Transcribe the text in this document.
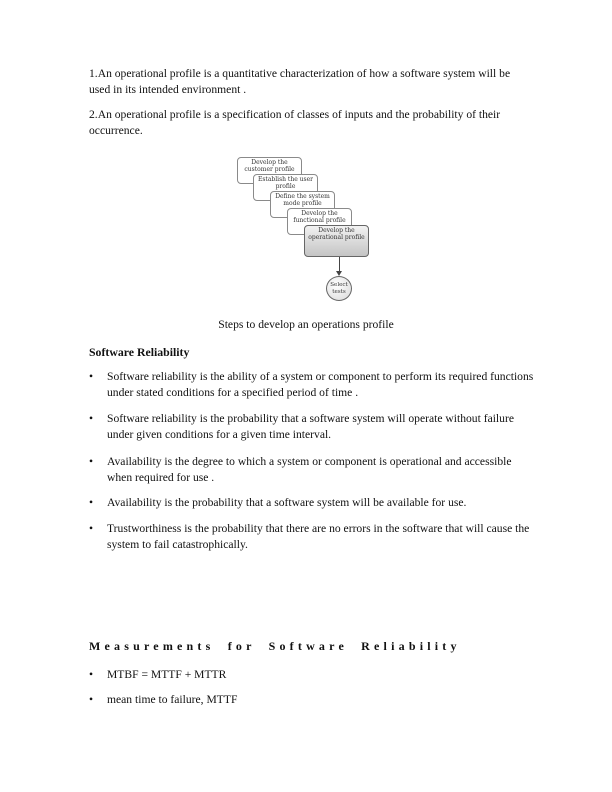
1.An operational profile is a quantitative characterization of how a software system will be used in its intended environment .

2.An operational profile is a specification of classes of inputs and the probability of their occurrence.

Develop the customer profile
Establish the user profile
Define the system mode profile
Develop the functional profile
Develop the operational profile
Select tests

Steps to develop an operations profile

Software Reliability

•	Software reliability is the ability of a system or component to perform its required functions under stated conditions for a specified period of time .
•	Software reliability is the probability that a software system will operate without failure under given conditions for a given time interval.
•	Availability is the degree to which a system or component is operational and accessible when required for use .
•	Availability is the probability that a software system will be available for use.
•	Trustworthiness is the probability that there are no errors in the software that will cause the system to fail catastrophically.

Measurements for Software Reliability

•	MTBF = MTTF + MTTR
•	mean time to failure, MTTF
